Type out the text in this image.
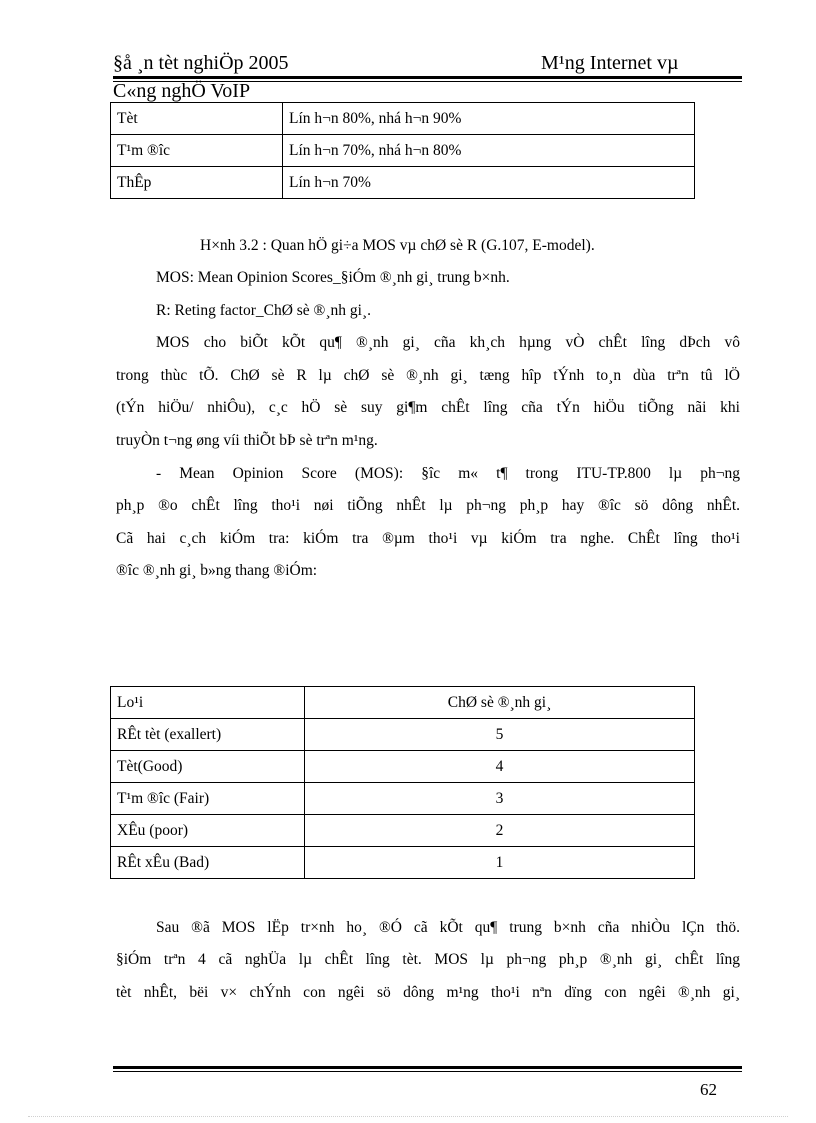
§å ¸n tèt nghiÖp 2005	M¹ng Internet vµ
C«ng nghÖ VoIP
Tèt	Lín h¬n 80%, nhá h¬n 90%
T¹m ®îc	Lín h¬n 70%, nhá h¬n 80%
ThÊp	Lín h¬n 70%
H×nh 3.2 : Quan hÖ gi÷a MOS vµ chØ sè R (G.107, E-model).
MOS: Mean Opinion Scores_§iÓm ®¸nh gi¸ trung b×nh.
R: Reting factor_ChØ sè ®¸nh gi¸.
MOS cho biÕt kÕt qu¶ ®¸nh gi¸ cña kh¸ch hµng vÒ chÊt lîng dÞch vô
trong thùc tÕ. ChØ sè R lµ chØ sè ®¸nh gi¸ tæng hîp tÝnh to¸n dùa trªn tû lÖ
(tÝn hiÖu/ nhiÔu), c¸c hÖ sè suy gi¶m chÊt lîng cña tÝn hiÖu tiÕng nãi khi
truyÒn t¬ng øng víi thiÕt bÞ sè trªn m¹ng.
- Mean Opinion Score (MOS): §îc m« t¶ trong ITU-TP.800 lµ ph¬ng
ph¸p ®o chÊt lîng tho¹i nøi tiÕng nhÊt lµ ph¬ng ph¸p hay ®îc sö dông nhÊt.
Cã hai c¸ch kiÓm tra: kiÓm tra ®µm tho¹i vµ kiÓm tra nghe. ChÊt lîng tho¹i
®îc ®¸nh gi¸ b»ng thang ®iÓm:
Lo¹i	ChØ sè ®¸nh gi¸
RÊt tèt (exallert)	5
Tèt(Good)	4
T¹m ®îc (Fair)	3
XÊu (poor)	2
RÊt xÊu (Bad)	1
Sau ®ã MOS lËp tr×nh ho¸ ®Ó cã kÕt qu¶ trung b×nh cña nhiÒu lÇn thö.
§iÓm trªn 4 cã nghÜa lµ chÊt lîng tèt. MOS lµ ph¬ng ph¸p ®¸nh gi¸ chÊt lîng
tèt nhÊt, bëi v× chÝnh con ngêi sö dông m¹ng tho¹i nªn dïng con ngêi ®¸nh gi¸
62
